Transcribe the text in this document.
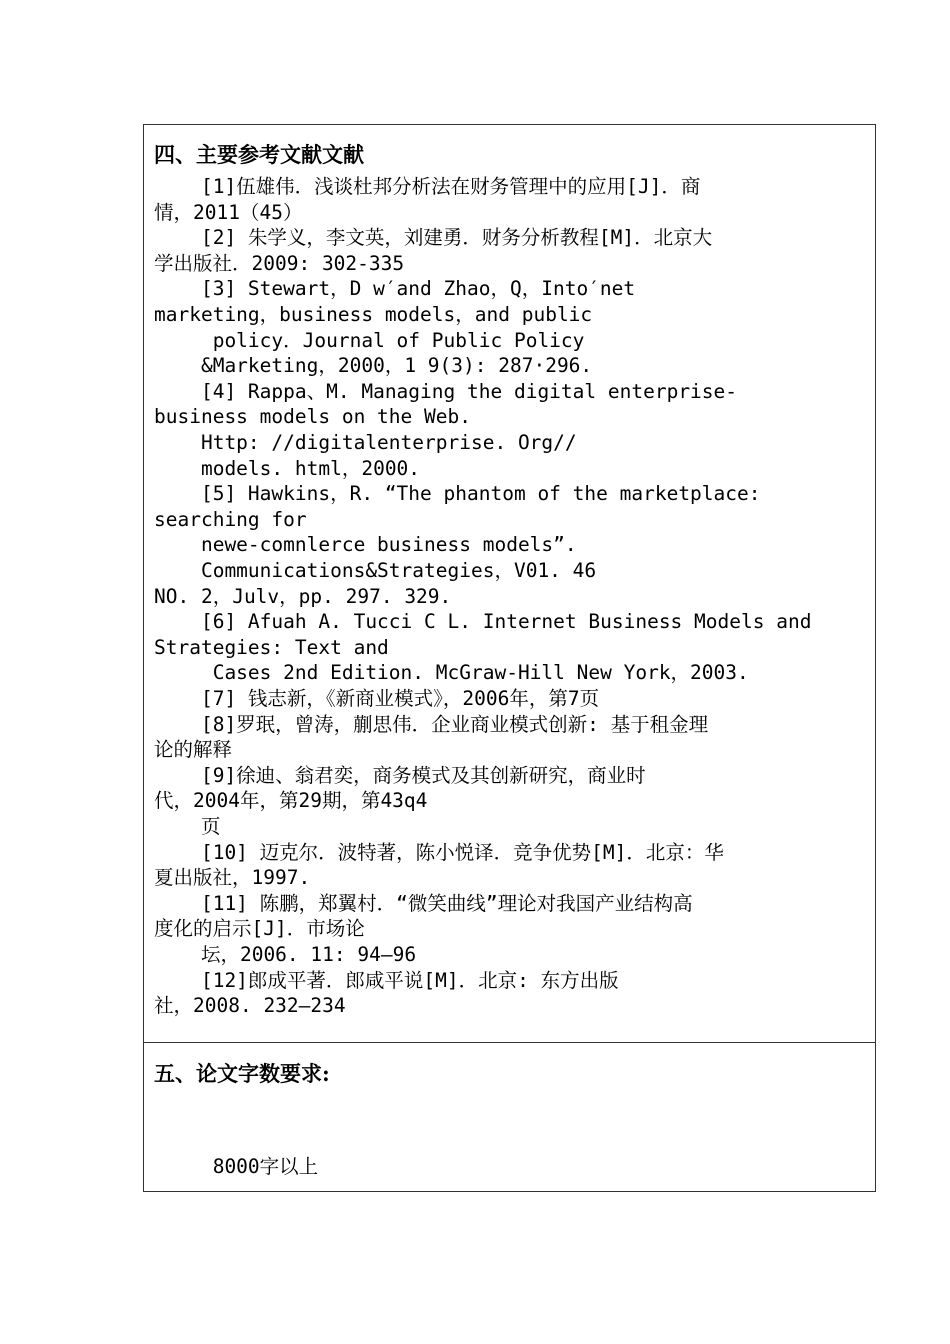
四、主要参考文献文献
[1]伍雄伟．浅谈杜邦分析法在财务管理中的应用[J]．商
情，2011（45）
[2] 朱学义，李文英，刘建勇．财务分析教程[M]．北京大
学出版社．2009: 302-335
[3] Stewart，D w′and Zhao，Q，Into′net
marketing，business models，and public
policy．Journal of Public Policy
&Marketing，2000，1 9(3): 287·296.
[4] Rappa、M. Managing the digital enterprise-
business models on the Web.
Http: //digitalenterprise. Org//
models. html，2000.
[5] Hawkins，R. “The phantom of the marketplace:
searching for
newe-comnlerce business models”.
Communications&Strategies，V01. 46
NO. 2，Julv，pp. 297. 329.
[6] Afuah A. Tucci C L. Internet Business Models and
Strategies: Text and
Cases 2nd Edition. McGraw-Hill New York，2003.
[7] 钱志新，《新商业模式》，2006年，第7页
[8]罗珉，曾涛，蒯思伟．企业商业模式创新: 基于租金理
论的解释
[9]徐迪、翁君奕，商务模式及其创新研究，商业时
代，2004年，第29期，第43q4
页
[10] 迈克尔．波特著，陈小悦译．竞争优势[M]．北京：华
夏出版社，1997.
[11] 陈鹏，郑翼村．“微笑曲线”理论对我国产业结构高
度化的启示[J]．市场论
坛，2006. 11: 94—96
[12]郎成平著．郎咸平说[M]．北京: 东方出版
社，2008. 232—234
五、论文字数要求:
8000字以上
